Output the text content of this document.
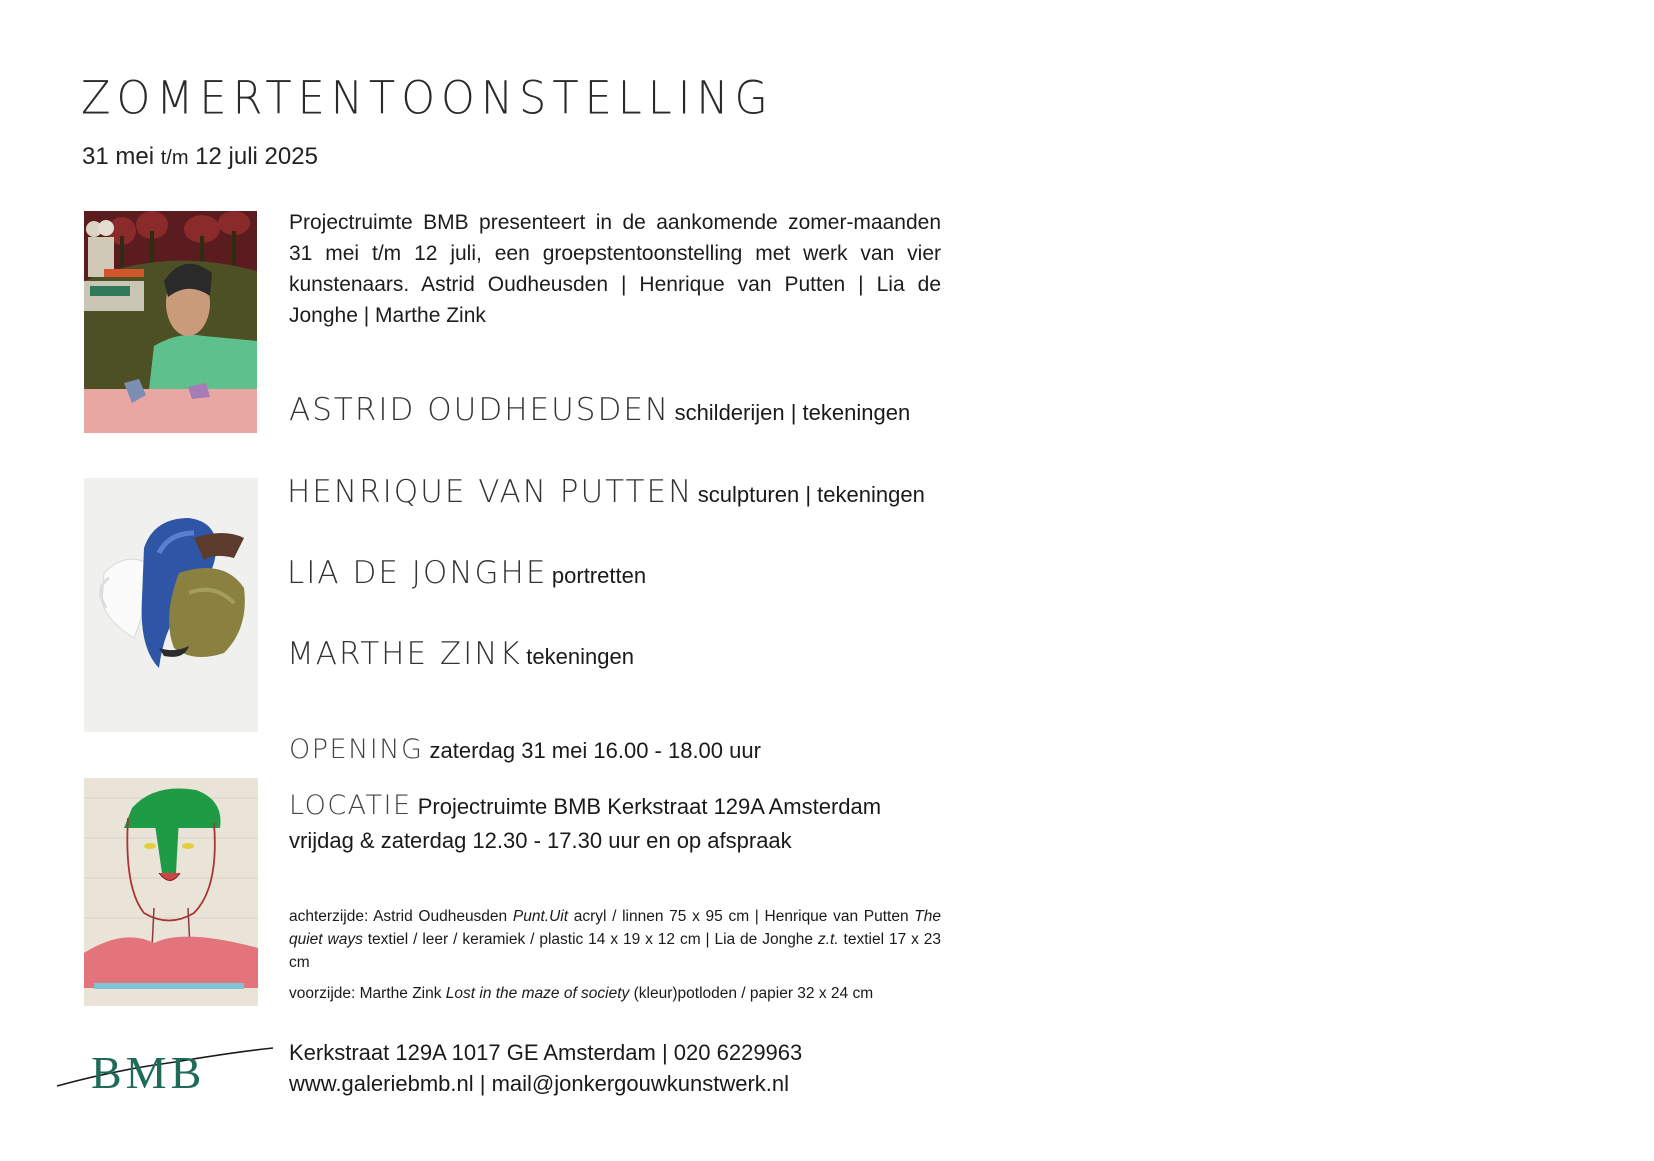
ZOMERTENTOONSTELLING
31 mei t/m 12 juli 2025

Projectruimte BMB presenteert in de aankomende zomer-maanden 31 mei t/m 12 juli, een groepstentoonstelling met werk van vier kunstenaars. Astrid Oudheusden | Henrique van Putten | Lia de Jonghe | Marthe Zink

ASTRID OUDHEUSDEN schilderijen | tekeningen
HENRIQUE VAN PUTTEN sculpturen | tekeningen
LIA DE JONGHE portretten
MARTHE ZINK tekeningen
OPENING zaterdag 31 mei 16.00 - 18.00 uur
LOCATIE Projectruimte BMB Kerkstraat 129A Amsterdam
vrijdag & zaterdag 12.30 - 17.30 uur en op afspraak

achterzijde: Astrid Oudheusden Punt.Uit acryl / linnen 75 x 95 cm | Henrique van Putten The quiet ways textiel / leer / keramiek / plastic 14 x 19 x 12 cm | Lia de Jonghe z.t. textiel 17 x 23 cm

voorzijde: Marthe Zink Lost in the maze of society (kleur)potloden / papier 32 x 24 cm

BMB	Kerkstraat 129A 1017 GE Amsterdam | 020 6229963
www.galeriebmb.nl | mail@jonkergouwkunstwerk.nl
